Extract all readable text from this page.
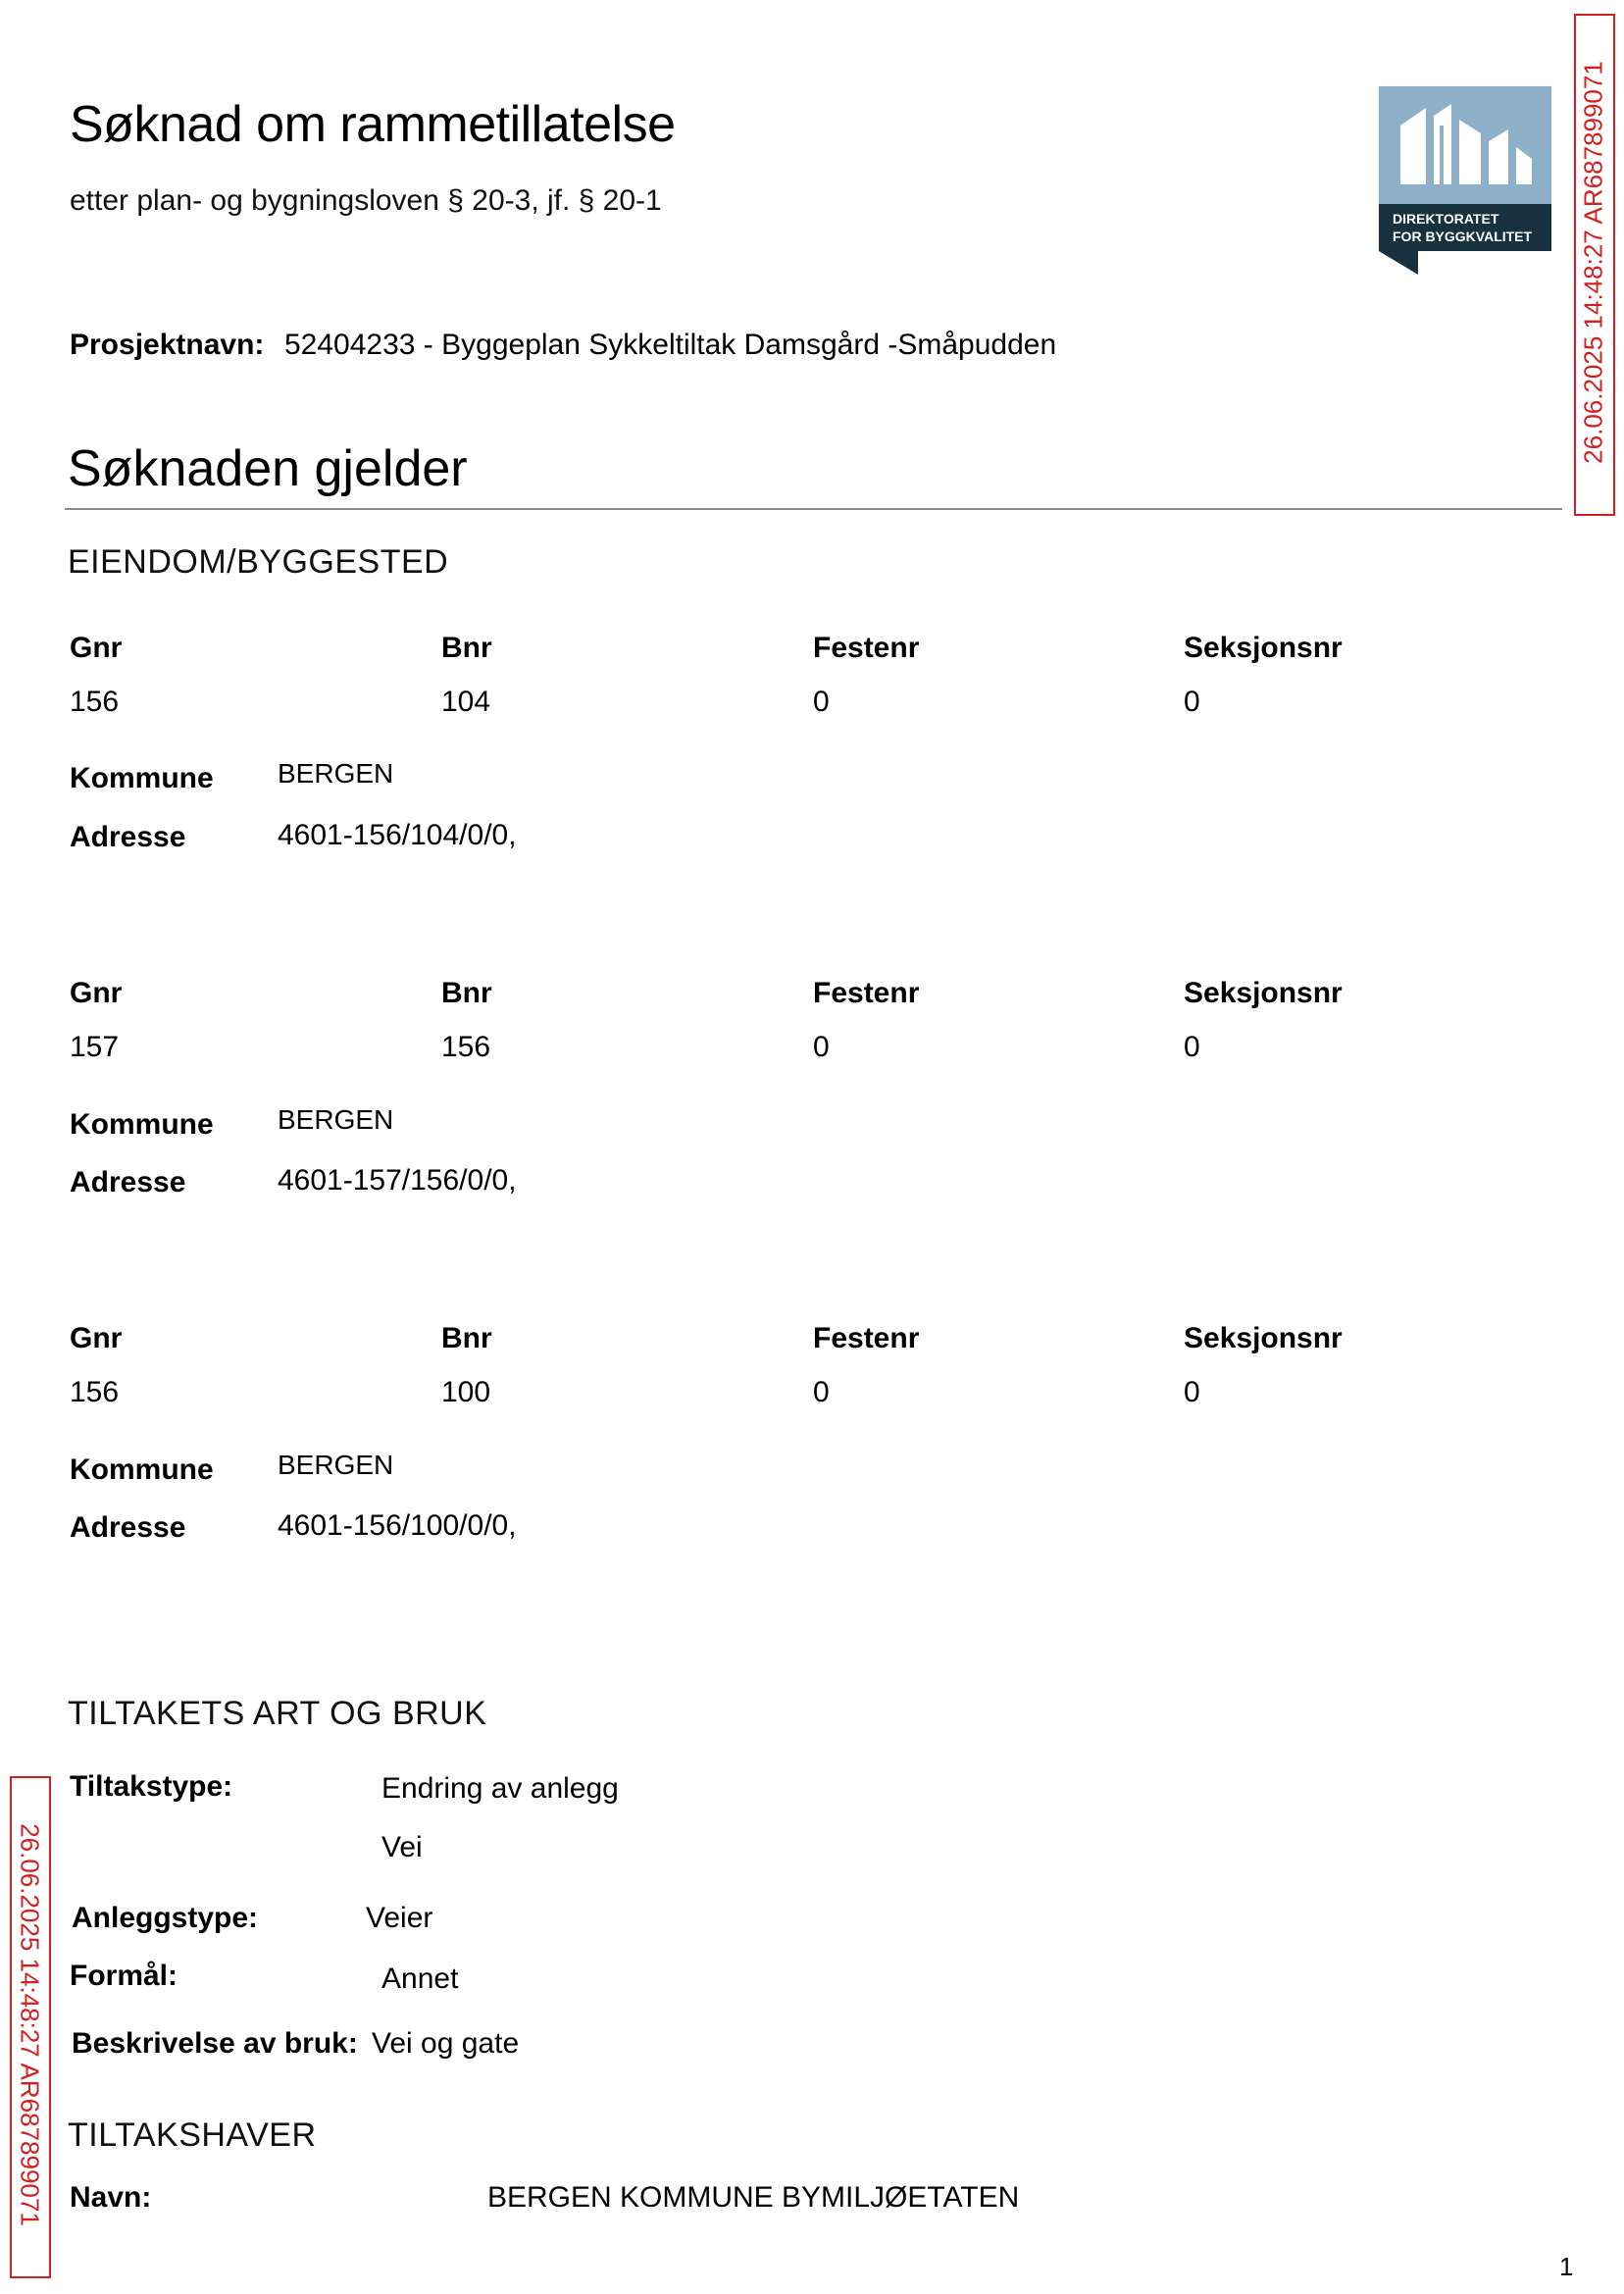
Søknad om rammetillatelse
etter plan- og bygningsloven § 20-3, jf. § 20-1
DIREKTORATET
FOR BYGGKVALITET 26.06.2025 14:48:27 AR687899071
Prosjektnavn: 52404233 - Byggeplan Sykkeltiltak Damsgård -Småpudden
Søknaden gjelder
EIENDOM/BYGGESTED
Gnr	Bnr	Festenr	Seksjonsnr
156	104	0	0
Kommune BERGEN
Adresse	4601-156/104/0/0,
Gnr	Bnr	Festenr	Seksjonsnr
157	156	0	0
Kommune BERGEN
Adresse	4601-157/156/0/0,
Gnr	Bnr	Festenr	Seksjonsnr
156	100	0	0
Kommune BERGEN
Adresse	4601-156/100/0/0,
TILTAKETS ART OG BRUK
Tiltakstype:	Endring av anlegg
Vei
Anleggstype:	Veier
Formål:	Annet
Beskrivelse av bruk: Vei og gate
TILTAKSHAVER
Navn:	BERGEN KOMMUNE BYMILJØETATEN
26.06.2025 14:48:27 AR687899071
1
